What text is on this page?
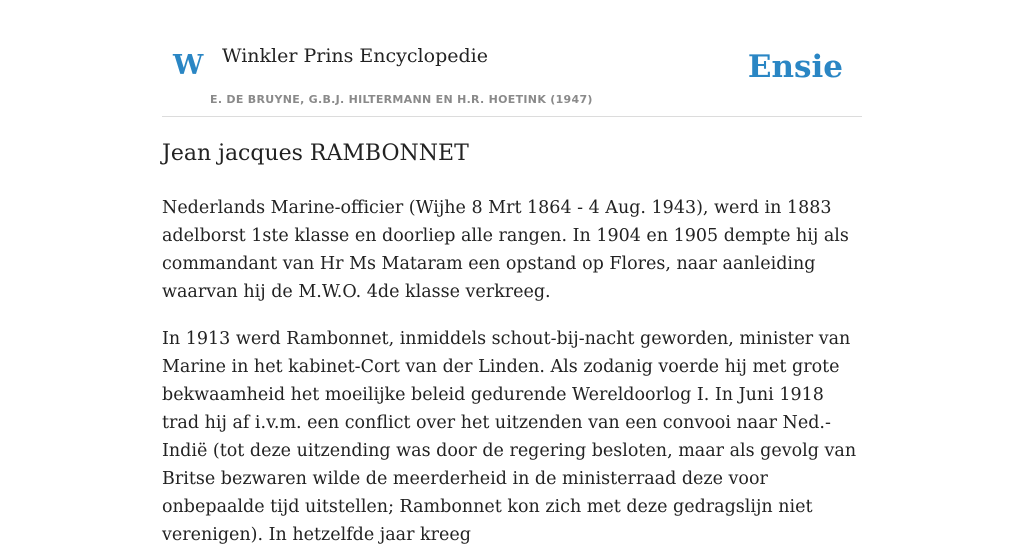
W Winkler Prins Encyclopedie
E. DE BRUYNE, G.B.J. HILTERMANN EN H.R. HOETINK (1947)
Ensie
Jean jacques RAMBONNET

Nederlands Marine-officier (Wijhe 8 Mrt 1864 - 4 Aug. 1943), werd in 1883 adelborst 1ste klasse en doorliep alle rangen. In 1904 en 1905 dempte hij als commandant van Hr Ms Mataram een opstand op Flores, naar aanleiding waarvan hij de M.W.O. 4de klasse verkreeg.

In 1913 werd Rambonnet, inmiddels schout-bij-nacht geworden, minister van Marine in het kabinet-Cort van der Linden. Als zodanig voerde hij met grote bekwaamheid het moeilijke beleid gedurende Wereldoorlog I. In Juni 1918 trad hij af i.v.m. een conflict over het uitzenden van een convooi naar Ned.-Indië (tot deze uitzending was door de regering besloten, maar als gevolg van Britse bezwaren wilde de meerderheid in de ministerraad deze voor onbepaalde tijd uitstellen; Rambonnet kon zich met deze gedragslijn niet verenigen). In hetzelfde jaar kreeg
